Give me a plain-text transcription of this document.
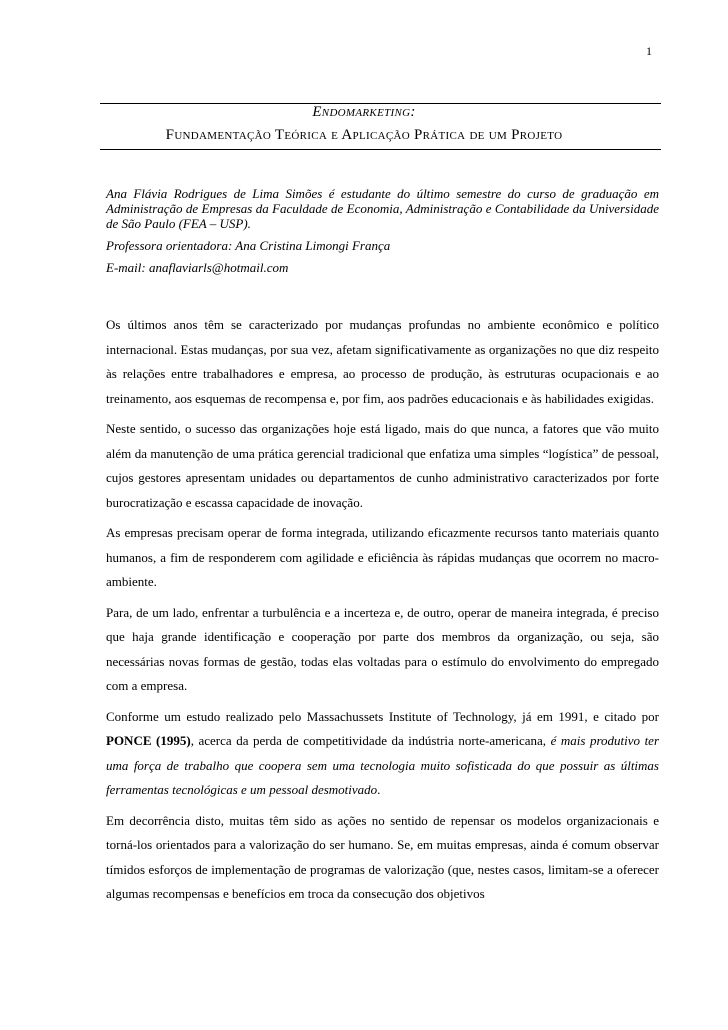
1
Endomarketing:
Fundamentação Teórica e Aplicação Prática de um Projeto

Ana Flávia Rodrigues de Lima Simões é estudante do último semestre do curso de graduação em Administração de Empresas da Faculdade de Economia, Administração e Contabilidade da Universidade de São Paulo (FEA – USP).

Professora orientadora: Ana Cristina Limongi França

E-mail: anaflaviarls@hotmail.com

Os últimos anos têm se caracterizado por mudanças profundas no ambiente econômico e político internacional. Estas mudanças, por sua vez, afetam significativamente as organizações no que diz respeito às relações entre trabalhadores e empresa, ao processo de produção, às estruturas ocupacionais e ao treinamento, aos esquemas de recompensa e, por fim, aos padrões educacionais e às habilidades exigidas.

Neste sentido, o sucesso das organizações hoje está ligado, mais do que nunca, a fatores que vão muito além da manutenção de uma prática gerencial tradicional que enfatiza uma simples “logística” de pessoal, cujos gestores apresentam unidades ou departamentos de cunho administrativo caracterizados por forte burocratização e escassa capacidade de inovação.

As empresas precisam operar de forma integrada, utilizando eficazmente recursos tanto materiais quanto humanos, a fim de responderem com agilidade e eficiência às rápidas mudanças que ocorrem no macro-ambiente.

Para, de um lado, enfrentar a turbulência e a incerteza e, de outro, operar de maneira integrada, é preciso que haja grande identificação e cooperação por parte dos membros da organização, ou seja, são necessárias novas formas de gestão, todas elas voltadas para o estímulo do envolvimento do empregado com a empresa.

Conforme um estudo realizado pelo Massachussets Institute of Technology, já em 1991, e citado por PONCE (1995), acerca da perda de competitividade da indústria norte-americana, é mais produtivo ter uma força de trabalho que coopera sem uma tecnologia muito sofisticada do que possuir as últimas ferramentas tecnológicas e um pessoal desmotivado.

Em decorrência disto, muitas têm sido as ações no sentido de repensar os modelos organizacionais e torná-los orientados para a valorização do ser humano. Se, em muitas empresas, ainda é comum observar tímidos esforços de implementação de programas de valorização (que, nestes casos, limitam-se a oferecer algumas recompensas e benefícios em troca da consecução dos objetivos
